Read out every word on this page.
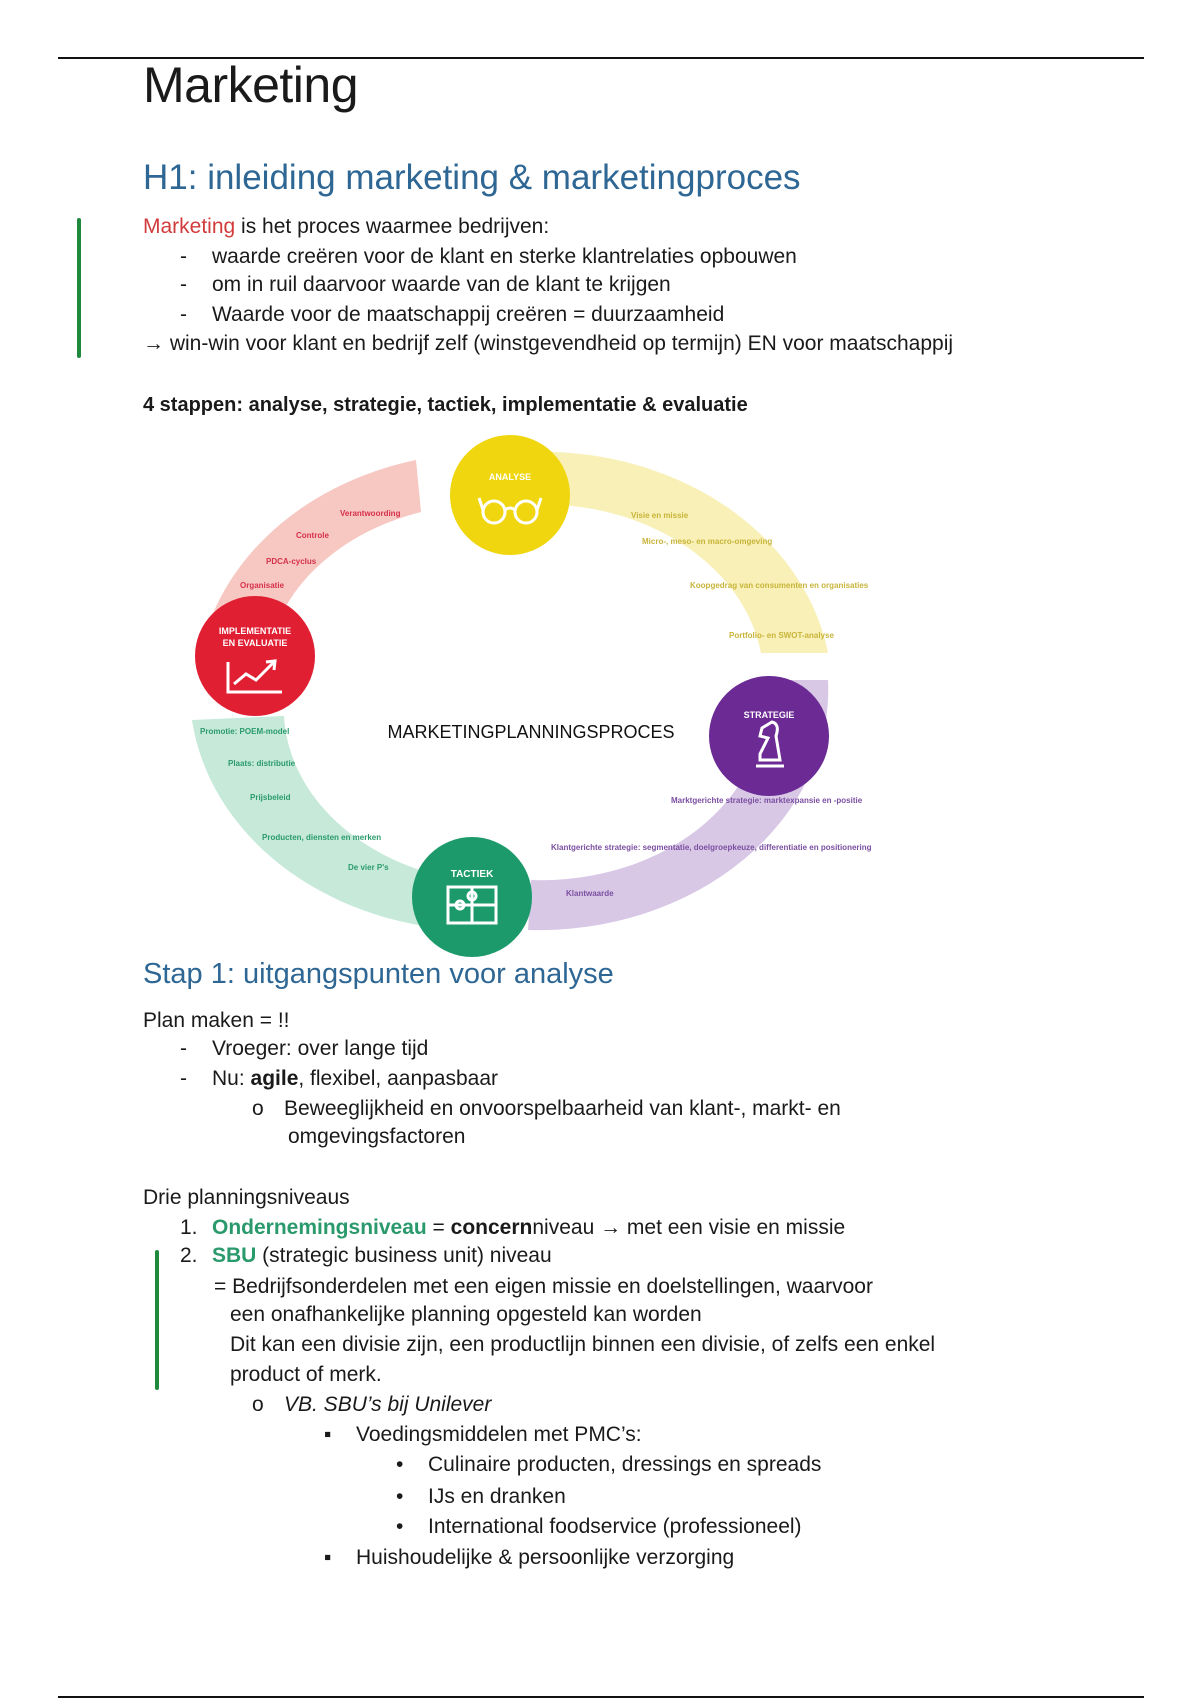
Marketing
H1: inleiding marketing & marketingproces
Marketing is het proces waarmee bedrijven:
- waarde creëren voor de klant en sterke klantrelaties opbouwen
- om in ruil daarvoor waarde van de klant te krijgen
- Waarde voor de maatschappij creëren = duurzaamheid
→ win-win voor klant en bedrijf zelf (winstgevendheid op termijn) EN voor maatschappij
4 stappen: analyse, strategie, tactiek, implementatie & evaluatie
ANALYSE
STRATEGIE
TACTIEK
IMPLEMENTATIE
EN EVALUATIE
MARKETINGPLANNINGSPROCES
Visie en missie
Micro-, meso- en macro-omgeving
Koopgedrag van consumenten en organisaties
Portfolio- en SWOT-analyse
Marktgerichte strategie: marktexpansie en -positie
Klantgerichte strategie: segmentatie, doelgroepkeuze, differentiatie en positionering
Klantwaarde
De vier P's
Producten, diensten en merken
Prijsbeleid
Plaats: distributie
Promotie: POEM-model
Organisatie
PDCA-cyclus
Controle
Verantwoording
Stap 1: uitgangspunten voor analyse
Plan maken = !!
- Vroeger: over lange tijd
- Nu: agile, flexibel, aanpasbaar
o Beweeglijkheid en onvoorspelbaarheid van klant-, markt- en
omgevingsfactoren
Drie planningsniveaus
1. Ondernemingsniveau = concernniveau → met een visie en missie
2. SBU (strategic business unit) niveau
= Bedrijfsonderdelen met een eigen missie en doelstellingen, waarvoor
een onafhankelijke planning opgesteld kan worden
Dit kan een divisie zijn, een productlijn binnen een divisie, of zelfs een enkel
product of merk.
o VB. SBU’s bij Unilever
▪ Voedingsmiddelen met PMC’s:
• Culinaire producten, dressings en spreads
• IJs en dranken
• International foodservice (professioneel)
▪ Huishoudelijke & persoonlijke verzorging
